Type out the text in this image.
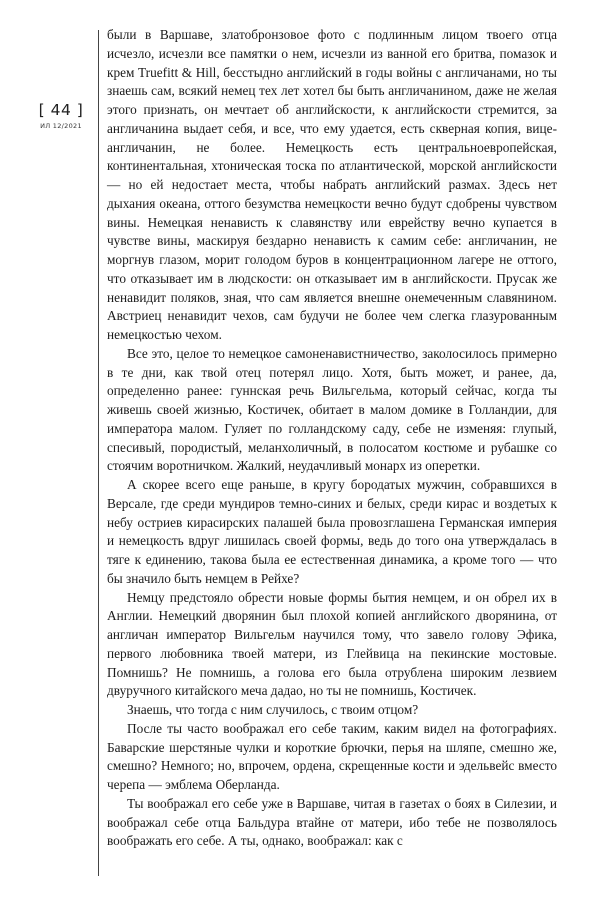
[ 44 ]
ИЛ 12/2021

были в Варшаве, златобронзовое фото с подлинным лицом твоего отца исчезло, исчезли все памятки о нем, исчезли из ванной его бритва, помазок и крем Truefitt & Hill, бесстыдно английский в годы войны с англичанами, но ты знаешь сам, всякий немец тех лет хотел бы быть англичанином, даже не желая этого признать, он мечтает об английскости, к английскости стремится, за англичанина выдает себя, и все, что ему удается, есть скверная копия, вице-англичанин, не более. Немецкость есть центральноевропейская, континентальная, хтоническая тоска по атлантической, морской английскости — но ей недостает места, чтобы набрать английский размах. Здесь нет дыхания океана, оттого безумства немецкости вечно будут сдобрены чувством вины. Немецкая ненависть к славянству или еврейству вечно купается в чувстве вины, маскируя бездарно ненависть к самим себе: англичанин, не моргнув глазом, морит голодом буров в концентрационном лагере не оттого, что отказывает им в людскости: он отказывает им в английскости. Прусак же ненавидит поляков, зная, что сам является внешне онемеченным славянином. Австриец ненавидит чехов, сам будучи не более чем слегка глазурованным немецкостью чехом.

Все это, целое то немецкое самоненавистничество, заколосилось примерно в те дни, как твой отец потерял лицо. Хотя, быть может, и ранее, да, определенно ранее: гуннская речь Вильгельма, который сейчас, когда ты живешь своей жизнью, Костичек, обитает в малом домике в Голландии, для императора малом. Гуляет по голландскому саду, себе не изменяя: глупый, спесивый, породистый, меланхоличный, в полосатом костюме и рубашке со стоячим воротничком. Жалкий, неудачливый монарх из оперетки.

А скорее всего еще раньше, в кругу бородатых мужчин, собравшихся в Версале, где среди мундиров темно-синих и белых, среди кирас и воздетых к небу остриев кирасирских палашей была провозглашена Германская империя и немецкость вдруг лишилась своей формы, ведь до того она утверждалась в тяге к единению, такова была ее естественная динамика, а кроме того — что бы значило быть немцем в Рейхе?

Немцу предстояло обрести новые формы бытия немцем, и он обрел их в Англии. Немецкий дворянин был плохой копией английского дворянина, от англичан император Вильгельм научился тому, что завело голову Эфика, первого любовника твоей матери, из Глейвица на пекинские мостовые. Помнишь? Не помнишь, а голова его была отрублена широким лезвием двуручного китайского меча дадао, но ты не помнишь, Костичек.

Знаешь, что тогда с ним случилось, с твоим отцом?

После ты часто воображал его себе таким, каким видел на фотографиях. Баварские шерстяные чулки и короткие брючки, перья на шляпе, смешно же, смешно? Немного; но, впрочем, ордена, скрещенные кости и эдельвейс вместо черепа — эмблема Оберланда.

Ты воображал его себе уже в Варшаве, читая в газетах о боях в Силезии, и воображал себе отца Бальдура втайне от матери, ибо тебе не позволялось воображать его себе. А ты, однако, воображал: как с
